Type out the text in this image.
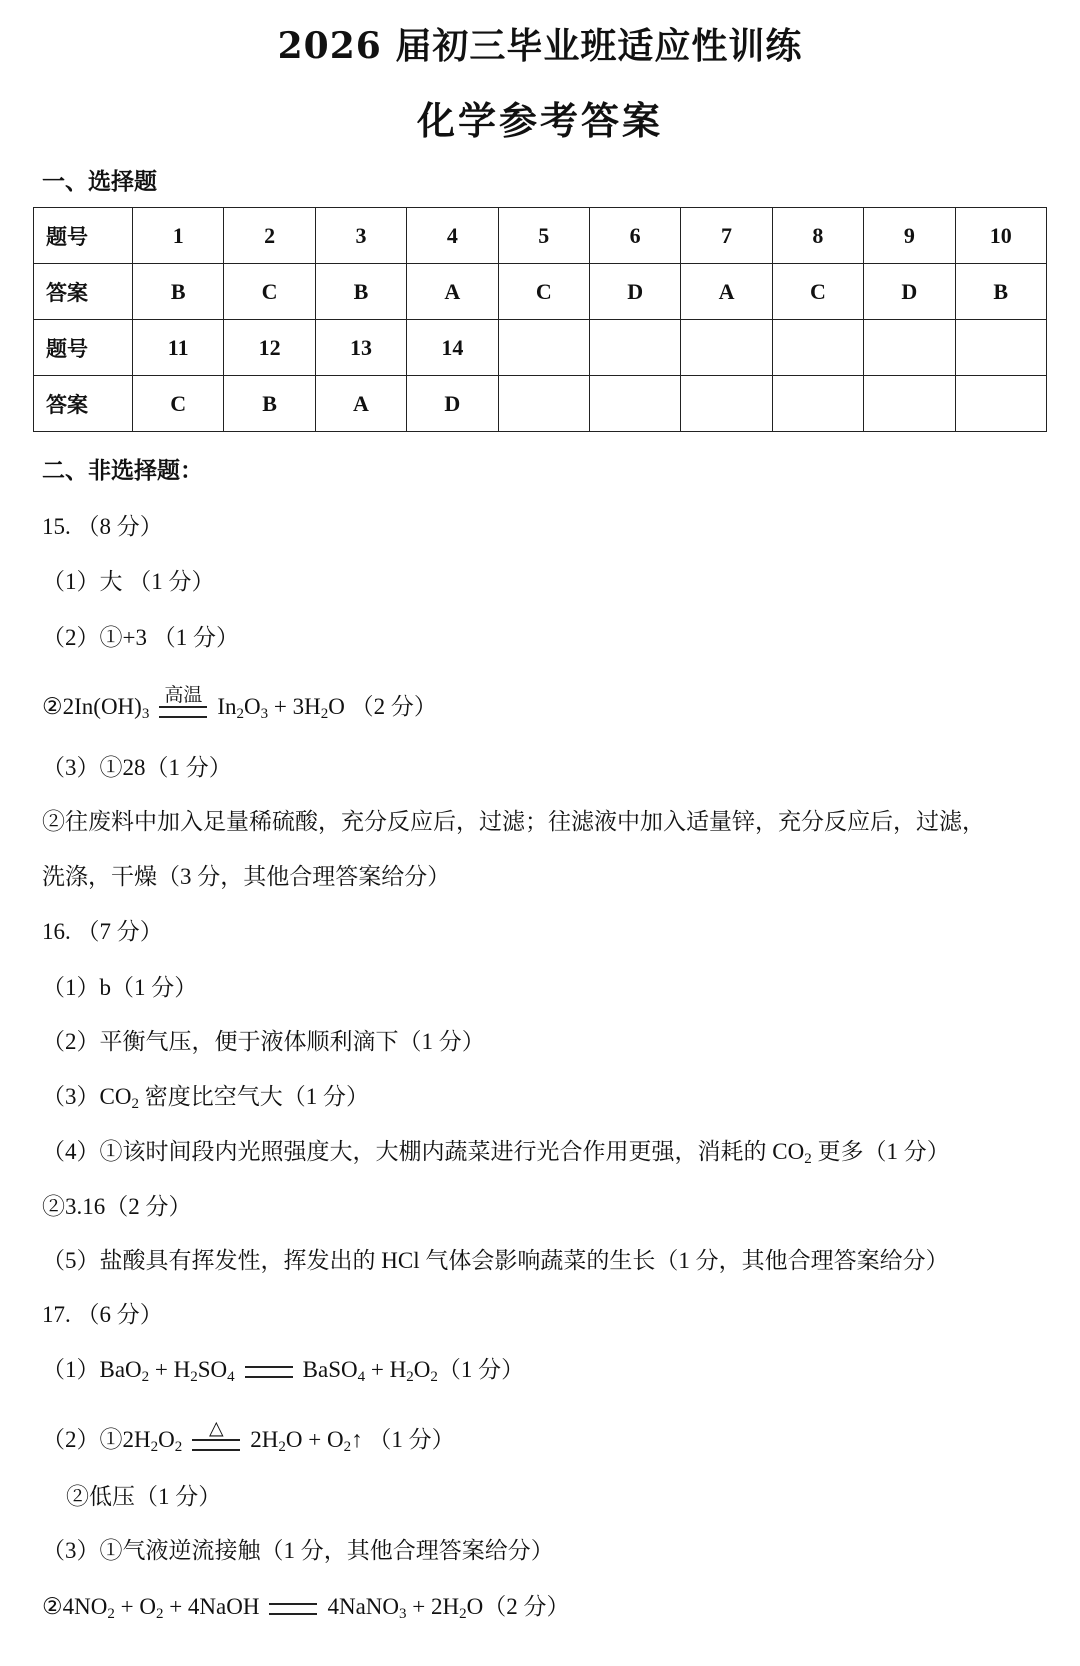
2026 届初三毕业班适应性训练
化学参考答案
一、选择题
题号	1	2	3	4	5	6	7	8	9	10
答案	B	C	B	A	C	D	A	C	D	B
题号	11	12	13	14						
答案	C	B	A	D						
二、非选择题：
15. （8 分）
（1）大 （1 分）
（2）①+3 （1 分）
$②2In(OH)_3$
高温 $In_2O_3 + 3H_2O$ （2 分）
（3）①28（1 分）
②往废料中加入足量稀硫酸，充分反应后，过滤；往滤液中加入适量锌，充分反应后，过滤，
洗涤，干燥（3 分，其他合理答案给分）
16. （7 分）
（1）b（1 分）
（2）平衡气压，便于液体顺利滴下（1 分）
$(3)CO_2$ 密度比空气大（1 分）
（4）①该时间段内光照强度大，大棚内蔬菜进行光合作用更强，消耗的 $CO_2$ 更多（1 分）
②3.16（2 分）
（5）盐酸具有挥发性，挥发出的 HCl 气体会影响蔬菜的生长（1 分，其他合理答案给分）
17. （6 分）
$(1)BaO_2 + H_2SO_4$	BaSO$_4$ + $H_2O_2(1$ 分）
$(2)①2H_2O_2$
△	$2H_2O$ + $O_2↑$ （1 分）
②低压（1 分）
（3）①气液逆流接触（1 分，其他合理答案给分）
$②4NO_2 + O_2$ + 4NaOH	4NaNO$_3$ + $2H_2O(2$ 分）
